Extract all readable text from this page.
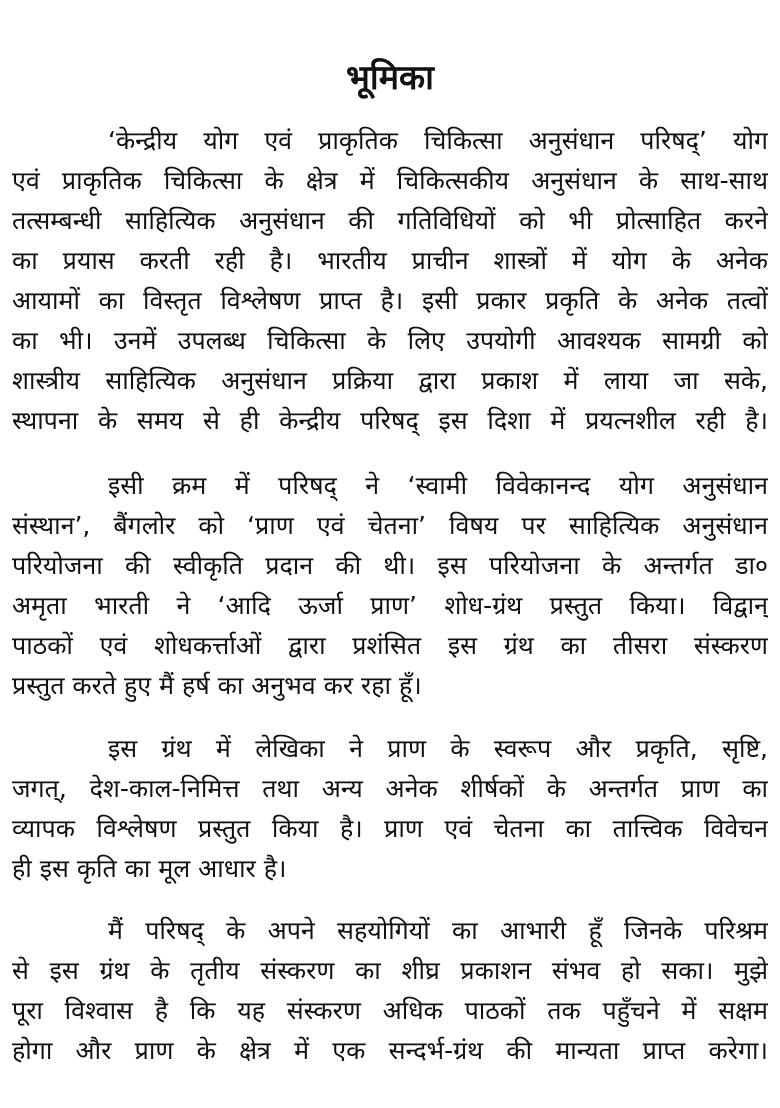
भूमिका

‘केन्द्रीय योग एवं प्राकृतिक चिकित्सा अनुसंधान परिषद्’ योग
एवं प्राकृतिक चिकित्सा के क्षेत्र में चिकित्सकीय अनुसंधान के साथ-साथ
तत्सम्बन्धी साहित्यिक अनुसंधान की गतिविधियों को भी प्रोत्साहित करने
का प्रयास करती रही है। भारतीय प्राचीन शास्त्रों में योग के अनेक
आयामों का विस्तृत विश्लेषण प्राप्त है। इसी प्रकार प्रकृति के अनेक तत्वों
का भी। उनमें उपलब्ध चिकित्सा के लिए उपयोगी आवश्यक सामग्री को
शास्त्रीय साहित्यिक अनुसंधान प्रक्रिया द्वारा प्रकाश में लाया जा सके,
स्थापना के समय से ही केन्द्रीय परिषद् इस दिशा में प्रयत्नशील रही है।

इसी क्रम में परिषद् ने ‘स्वामी विवेकानन्द योग अनुसंधान
संस्थान’, बैंगलोर को ‘प्राण एवं चेतना’ विषय पर साहित्यिक अनुसंधान
परियोजना की स्वीकृति प्रदान की थी। इस परियोजना के अन्तर्गत डा०
अमृता भारती ने ‘आदि ऊर्जा प्राण’ शोध-ग्रंथ प्रस्तुत किया। विद्वान्
पाठकों एवं शोधकर्त्ताओं द्वारा प्रशंसित इस ग्रंथ का तीसरा संस्करण
प्रस्तुत करते हुए मैं हर्ष का अनुभव कर रहा हूँ।

इस ग्रंथ में लेखिका ने प्राण के स्वरूप और प्रकृति, सृष्टि,
जगत्, देश-काल-निमित्त तथा अन्य अनेक शीर्षकों के अन्तर्गत प्राण का
व्यापक विश्लेषण प्रस्तुत किया है। प्राण एवं चेतना का तात्त्विक विवेचन
ही इस कृति का मूल आधार है।

मैं परिषद् के अपने सहयोगियों का आभारी हूँ जिनके परिश्रम
से इस ग्रंथ के तृतीय संस्करण का शीघ्र प्रकाशन संभव हो सका। मुझे
पूरा विश्वास है कि यह संस्करण अधिक पाठकों तक पहुँचने में सक्षम
होगा और प्राण के क्षेत्र में एक सन्दर्भ-ग्रंथ की मान्यता प्राप्त करेगा।
